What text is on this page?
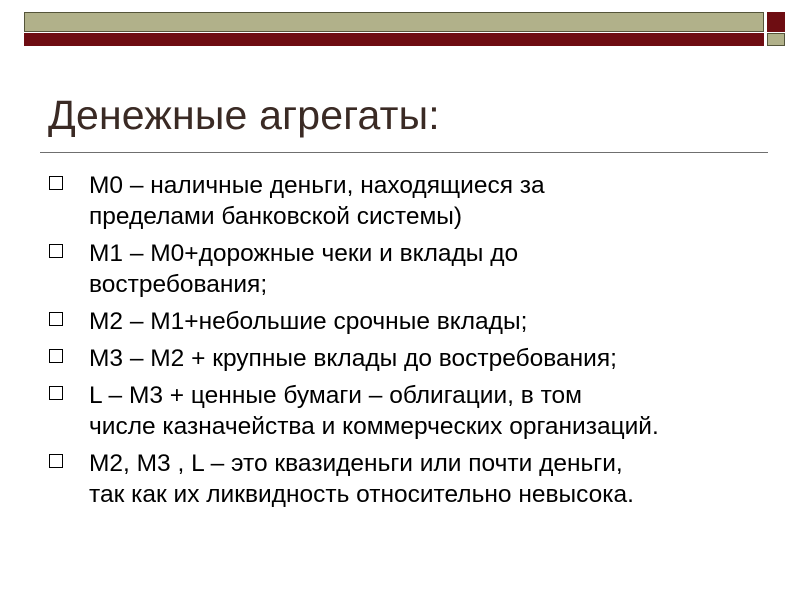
Денежные агрегаты:
М0 – наличные деньги, находящиеся за
пределами банковской системы)
М1 – М0+дорожные чеки и вклады до
востребования;
М2 – М1+небольшие срочные вклады;
М3 – М2 + крупные вклады до востребования;
L – М3 + ценные бумаги – облигации, в том
числе казначейства и коммерческих организаций.
М2, М3 , L – это квазиденьги или почти деньги,
так как их ликвидность относительно невысока.
